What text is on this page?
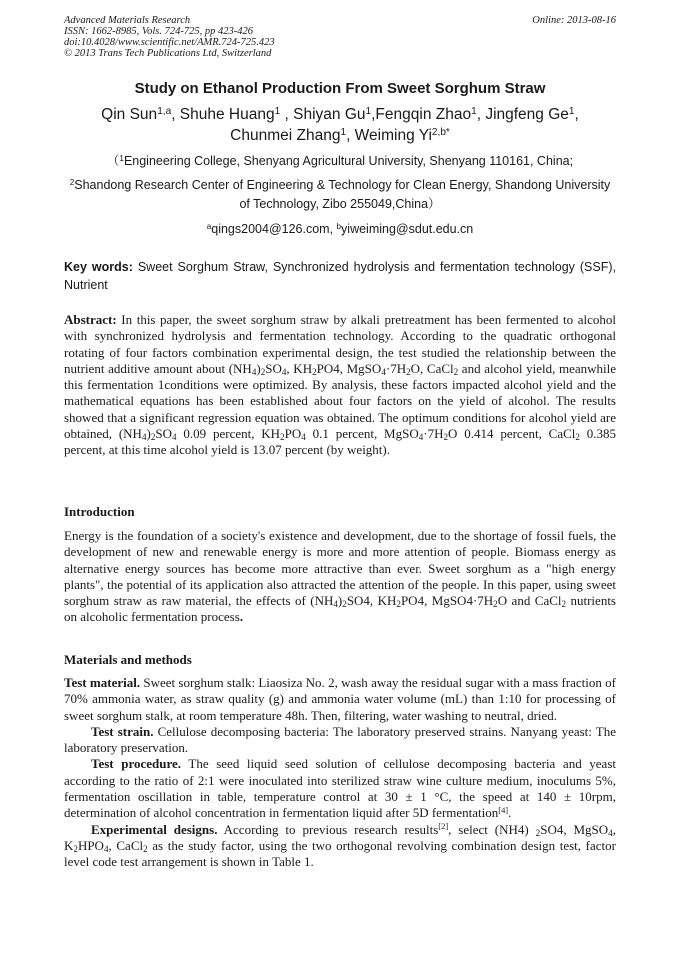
Advanced Materials Research
ISSN: 1662-8985, Vols. 724-725, pp 423-426
doi:10.4028/www.scientific.net/AMR.724-725.423
© 2013 Trans Tech Publications Ltd, Switzerland
Online: 2013-08-16
Study on Ethanol Production From Sweet Sorghum Straw
Qin Sun$^{1,a}$, Shuhe Huang$^1$ , Shiyan Gu$^1$,Fengqin Zhao$^1$, Jingfeng Ge$^1$,
Chunmei Zhang$^1$, Weiming $Yi^{2,b*}$
（$^1$Engineering College, Shenyang Agricultural University, Shenyang 110161, China;
$^2$Shandong Research Center of Engineering & Technology for Clean Energy, Shandong University of Technology, Zibo 255049,China）
$^a$qings2004@126.com, $^b$yiweiming@sdut.edu.cn
Key words: Sweet Sorghum Straw, Synchronized hydrolysis and fermentation technology (SSF), Nutrient
Abstract: In this paper, the sweet sorghum straw by alkali pretreatment has been fermented to alcohol with synchronized hydrolysis and fermentation technology. According to the quadratic orthogonal rotating of four factors combination experimental design, the test studied the relationship between the nutrient additive amount about $(NH_4)_2SO_4$, $KH_2PO4$, $MgSO_4\cdot 7H_2O$, CaCl$_2$ and alcohol yield, meanwhile this fermentation 1conditions were optimized. By analysis, these factors impacted alcohol yield and the mathematical equations has been established about four factors on the yield of alcohol. The results showed that a significant regression equation was obtained. The optimum conditions for alcohol yield are obtained, $(NH_4)_2SO_4$ 0.09 percent, $KH_2PO_4$ 0.1 percent, $MgSO_4\cdot 7H_2O$ 0.414 percent, CaCl$_2$ 0.385 percent, at this time alcohol yield is 13.07 percent (by weight).
Introduction
Energy is the foundation of a society's existence and development, due to the shortage of fossil fuels, the development of new and renewable energy is more and more attention of people. Biomass energy as alternative energy sources has become more attractive than ever. Sweet sorghum as a "high energy plants", the potential of its application also attracted the attention of the people. In this paper, using sweet sorghum straw as raw material, the effects of $(NH_4)_2SO4$, $KH_2PO4$, $MgSO4\cdot 7H_2O$ and CaCl$_2$ nutrients on alcoholic fermentation process.
Materials and methods
Test material. Sweet sorghum stalk: Liaosiza No. 2, wash away the residual sugar with a mass fraction of 70% ammonia water, as straw quality (g) and ammonia water volume (mL) than 1:10 for processing of sweet sorghum stalk, at room temperature 48h. Then, filtering, water washing to neutral, dried.
Test strain. Cellulose decomposing bacteria: The laboratory preserved strains. Nanyang yeast: The laboratory preservation.
Test procedure. The seed liquid seed solution of cellulose decomposing bacteria and yeast according to the ratio of 2:1 were inoculated into sterilized straw wine culture medium, inoculums 5%, fermentation oscillation in table, temperature control at 30 ± 1 °C, the speed at 140 ± 10rpm, determination of alcohol concentration in fermentation liquid after 5D fermentation[4].
Experimental designs. According to previous research results[2], select (NH4) $_2$SO4, MgSO$_4$, $K_2HPO_4$, CaCl$_2$ as the study factor, using the two orthogonal revolving combination design test, factor level code test arrangement is shown in Table 1.
